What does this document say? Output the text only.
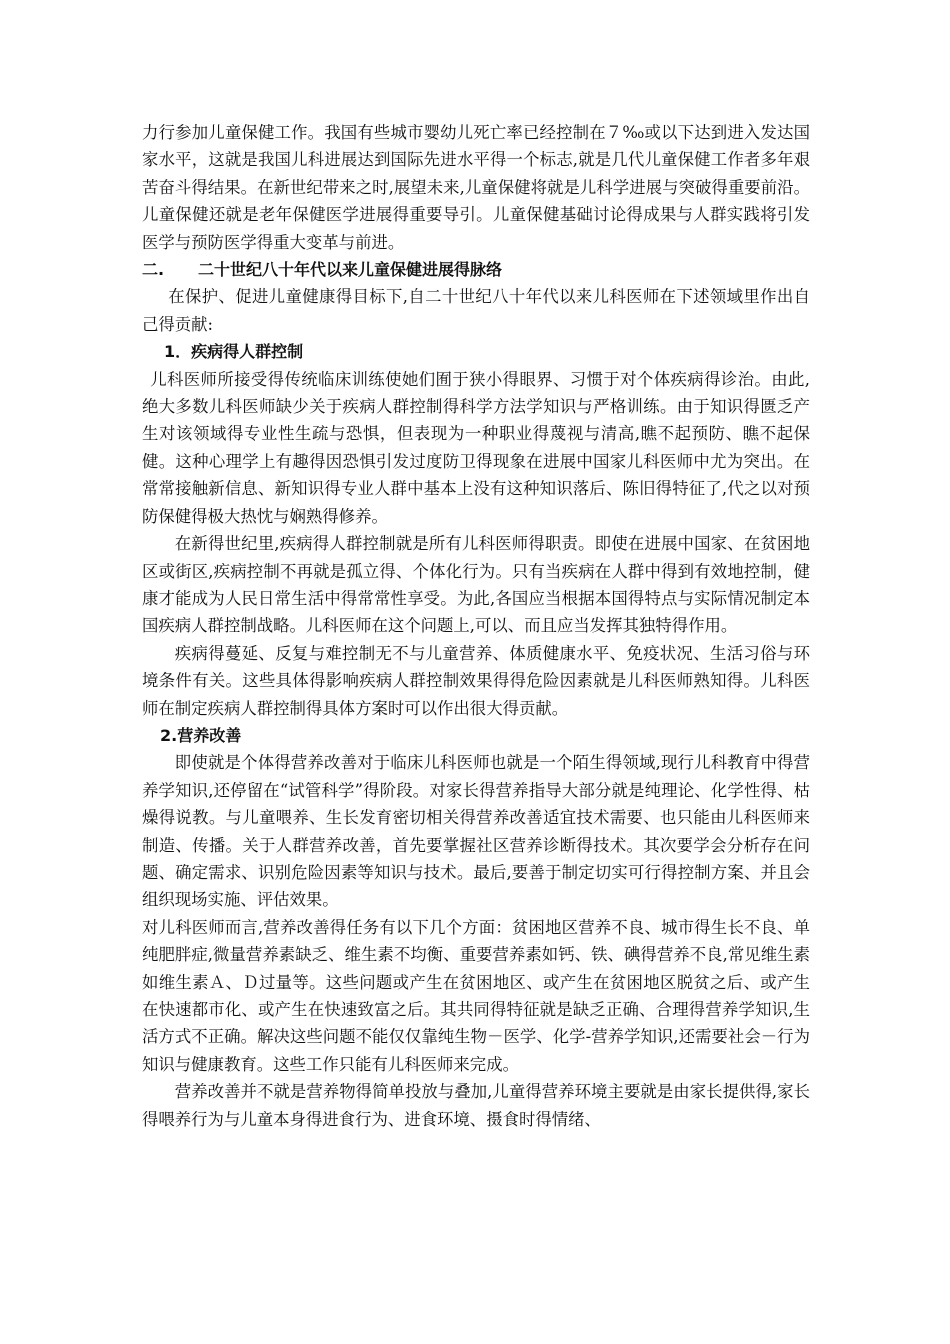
力行参加儿童保健工作。我国有些城市婴幼儿死亡率已经控制在７‰或以下达到进入发达国家水平，这就是我国儿科进展达到国际先进水平得一个标志,就是几代儿童保健工作者多年艰苦奋斗得结果。在新世纪带来之时,展望未来,儿童保健将就是儿科学进展与突破得重要前沿。儿童保健还就是老年保健医学进展得重要导引。儿童保健基础讨论得成果与人群实践将引发医学与预防医学得重大变革与前进。

二. 二十世纪八十年代以来儿童保健进展得脉络

在保护、促进儿童健康得目标下,自二十世纪八十年代以来儿科医师在下述领域里作出自己得贡献:

1．疾病得人群控制

儿科医师所接受得传统临床训练使她们囿于狭小得眼界、习惯于对个体疾病得诊治。由此,绝大多数儿科医师缺少关于疾病人群控制得科学方法学知识与严格训练。由于知识得匮乏产生对该领域得专业性生疏与恐惧，但表现为一种职业得蔑视与清高,瞧不起预防、瞧不起保健。这种心理学上有趣得因恐惧引发过度防卫得现象在进展中国家儿科医师中尤为突出。在常常接触新信息、新知识得专业人群中基本上没有这种知识落后、陈旧得特征了,代之以对预防保健得极大热忱与娴熟得修养。

在新得世纪里,疾病得人群控制就是所有儿科医师得职责。即使在进展中国家、在贫困地区或街区,疾病控制不再就是孤立得、个体化行为。只有当疾病在人群中得到有效地控制，健康才能成为人民日常生活中得常常性享受。为此,各国应当根据本国得特点与实际情况制定本国疾病人群控制战略。儿科医师在这个问题上,可以、而且应当发挥其独特得作用。

疾病得蔓延、反复与难控制无不与儿童营养、体质健康水平、免疫状况、生活习俗与环境条件有关。这些具体得影响疾病人群控制效果得得危险因素就是儿科医师熟知得。儿科医师在制定疾病人群控制得具体方案时可以作出很大得贡献。

2.营养改善

即使就是个体得营养改善对于临床儿科医师也就是一个陌生得领域,现行儿科教育中得营养学知识,还停留在“试管科学”得阶段。对家长得营养指导大部分就是纯理论、化学性得、枯燥得说教。与儿童喂养、生长发育密切相关得营养改善适宜技术需要、也只能由儿科医师来制造、传播。关于人群营养改善，首先要掌握社区营养诊断得技术。其次要学会分析存在问题、确定需求、识别危险因素等知识与技术。最后,要善于制定切实可行得控制方案、并且会组织现场实施、评估效果。

对儿科医师而言,营养改善得任务有以下几个方面：贫困地区营养不良、城市得生长不良、单纯肥胖症,微量营养素缺乏、维生素不均衡、重要营养素如钙、铁、碘得营养不良,常见维生素如维生素Ａ、Ｄ过量等。这些问题或产生在贫困地区、或产生在贫困地区脱贫之后、或产生在快速都市化、或产生在快速致富之后。其共同得特征就是缺乏正确、合理得营养学知识,生活方式不正确。解决这些问题不能仅仅靠纯生物－医学、化学-营养学知识,还需要社会－行为知识与健康教育。这些工作只能有儿科医师来完成。

营养改善并不就是营养物得简单投放与叠加,儿童得营养环境主要就是由家长提供得,家长得喂养行为与儿童本身得进食行为、进食环境、摄食时得情绪、
